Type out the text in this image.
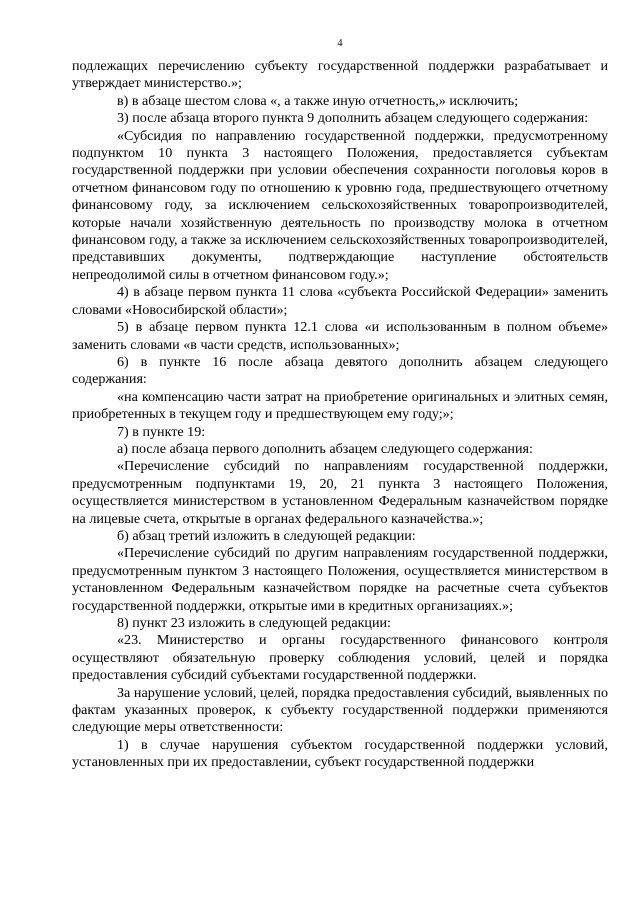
4

подлежащих перечислению субъекту государственной поддержки разрабатывает и утверждает министерство.»;

в) в абзаце шестом слова «, а также иную отчетность,» исключить;

3) после абзаца второго пункта 9 дополнить абзацем следующего содержания:

«Субсидия по направлению государственной поддержки, предусмотренному подпунктом 10 пункта 3 настоящего Положения, предоставляется субъектам государственной поддержки при условии обеспечения сохранности поголовья коров в отчетном финансовом году по отношению к уровню года, предшествующего отчетному финансовому году, за исключением сельскохозяйственных товаропроизводителей, которые начали хозяйственную деятельность по производству молока в отчетном финансовом году, а также за исключением сельскохозяйственных товаропроизводителей, представивших документы, подтверждающие наступление обстоятельств непреодолимой силы в отчетном финансовом году.»;

4) в абзаце первом пункта 11 слова «субъекта Российской Федерации» заменить словами «Новосибирской области»;

5) в абзаце первом пункта 12.1 слова «и использованным в полном объеме» заменить словами «в части средств, использованных»;

6) в пункте 16 после абзаца девятого дополнить абзацем следующего содержания:

«на компенсацию части затрат на приобретение оригинальных и элитных семян, приобретенных в текущем году и предшествующем ему году;»;

7) в пункте 19:

а) после абзаца первого дополнить абзацем следующего содержания:

«Перечисление субсидий по направлениям государственной поддержки, предусмотренным подпунктами 19, 20, 21 пункта 3 настоящего Положения, осуществляется министерством в установленном Федеральным казначейством порядке на лицевые счета, открытые в органах федерального казначейства.»;

б) абзац третий изложить в следующей редакции:

«Перечисление субсидий по другим направлениям государственной поддержки, предусмотренным пунктом 3 настоящего Положения, осуществляется министерством в установленном Федеральным казначейством порядке на расчетные счета субъектов государственной поддержки, открытые ими в кредитных организациях.»;

8) пункт 23 изложить в следующей редакции:

«23. Министерство и органы государственного финансового контроля осуществляют обязательную проверку соблюдения условий, целей и порядка предоставления субсидий субъектами государственной поддержки.

За нарушение условий, целей, порядка предоставления субсидий, выявленных по фактам указанных проверок, к субъекту государственной поддержки применяются следующие меры ответственности:

1) в случае нарушения субъектом государственной поддержки условий, установленных при их предоставлении, субъект государственной поддержки
